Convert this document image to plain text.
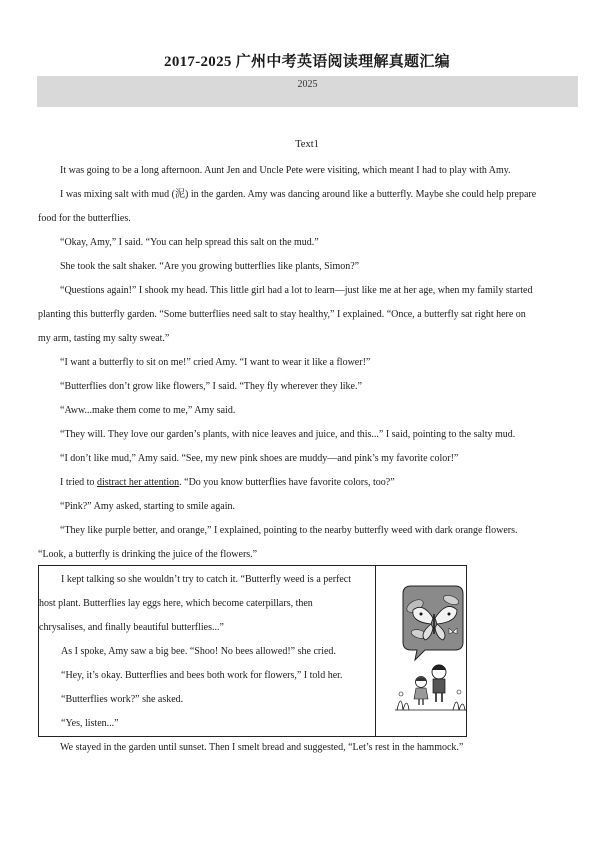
2017-2025 广州中考英语阅读理解真题汇编
2025
Text1

It was going to be a long afternoon. Aunt Jen and Uncle Pete were visiting, which meant I had to play with Amy.

I was mixing salt with mud (泥) in the garden. Amy was dancing around like a butterfly. Maybe she could help prepare

food for the butterflies.

“Okay, Amy,” I said. “You can help spread this salt on the mud.”

She took the salt shaker. “Are you growing butterflies like plants, Simon?”

“Questions again!” I shook my head. This little girl had a lot to learn—just like me at her age, when my family started

planting this butterfly garden. “Some butterflies need salt to stay healthy,” I explained. “Once, a butterfly sat right here on

my arm, tasting my salty sweat.”

“I want a butterfly to sit on me!” cried Amy. “I want to wear it like a flower!”

“Butterflies don’t grow like flowers,” I said. “They fly wherever they like.”

“Aww...make them come to me,” Amy said.

“They will. They love our garden’s plants, with nice leaves and juice, and this...” I said, pointing to the salty mud.

“I don’t like mud,” Amy said. “See, my new pink shoes are muddy—and pink’s my favorite color!”

I tried to distract her attention. “Do you know butterflies have favorite colors, too?”

“Pink?” Amy asked, starting to smile again.

“They like purple better, and orange,” I explained, pointing to the nearby butterfly weed with dark orange flowers.

“Look, a butterfly is drinking the juice of the flowers.”

I kept talking so she wouldn’t try to catch it. “Butterfly weed is a perfect

host plant. Butterflies lay eggs here, which become caterpillars, then

chrysalises, and finally beautiful butterflies...”

As I spoke, Amy saw a big bee. “Shoo! No bees allowed!” she cried.

“Hey, it’s okay. Butterflies and bees both work for flowers,” I told her.

“Butterflies work?” she asked.

“Yes, listen...”

We stayed in the garden until sunset. Then I smelt bread and suggested, “Let’s rest in the hammock.”
